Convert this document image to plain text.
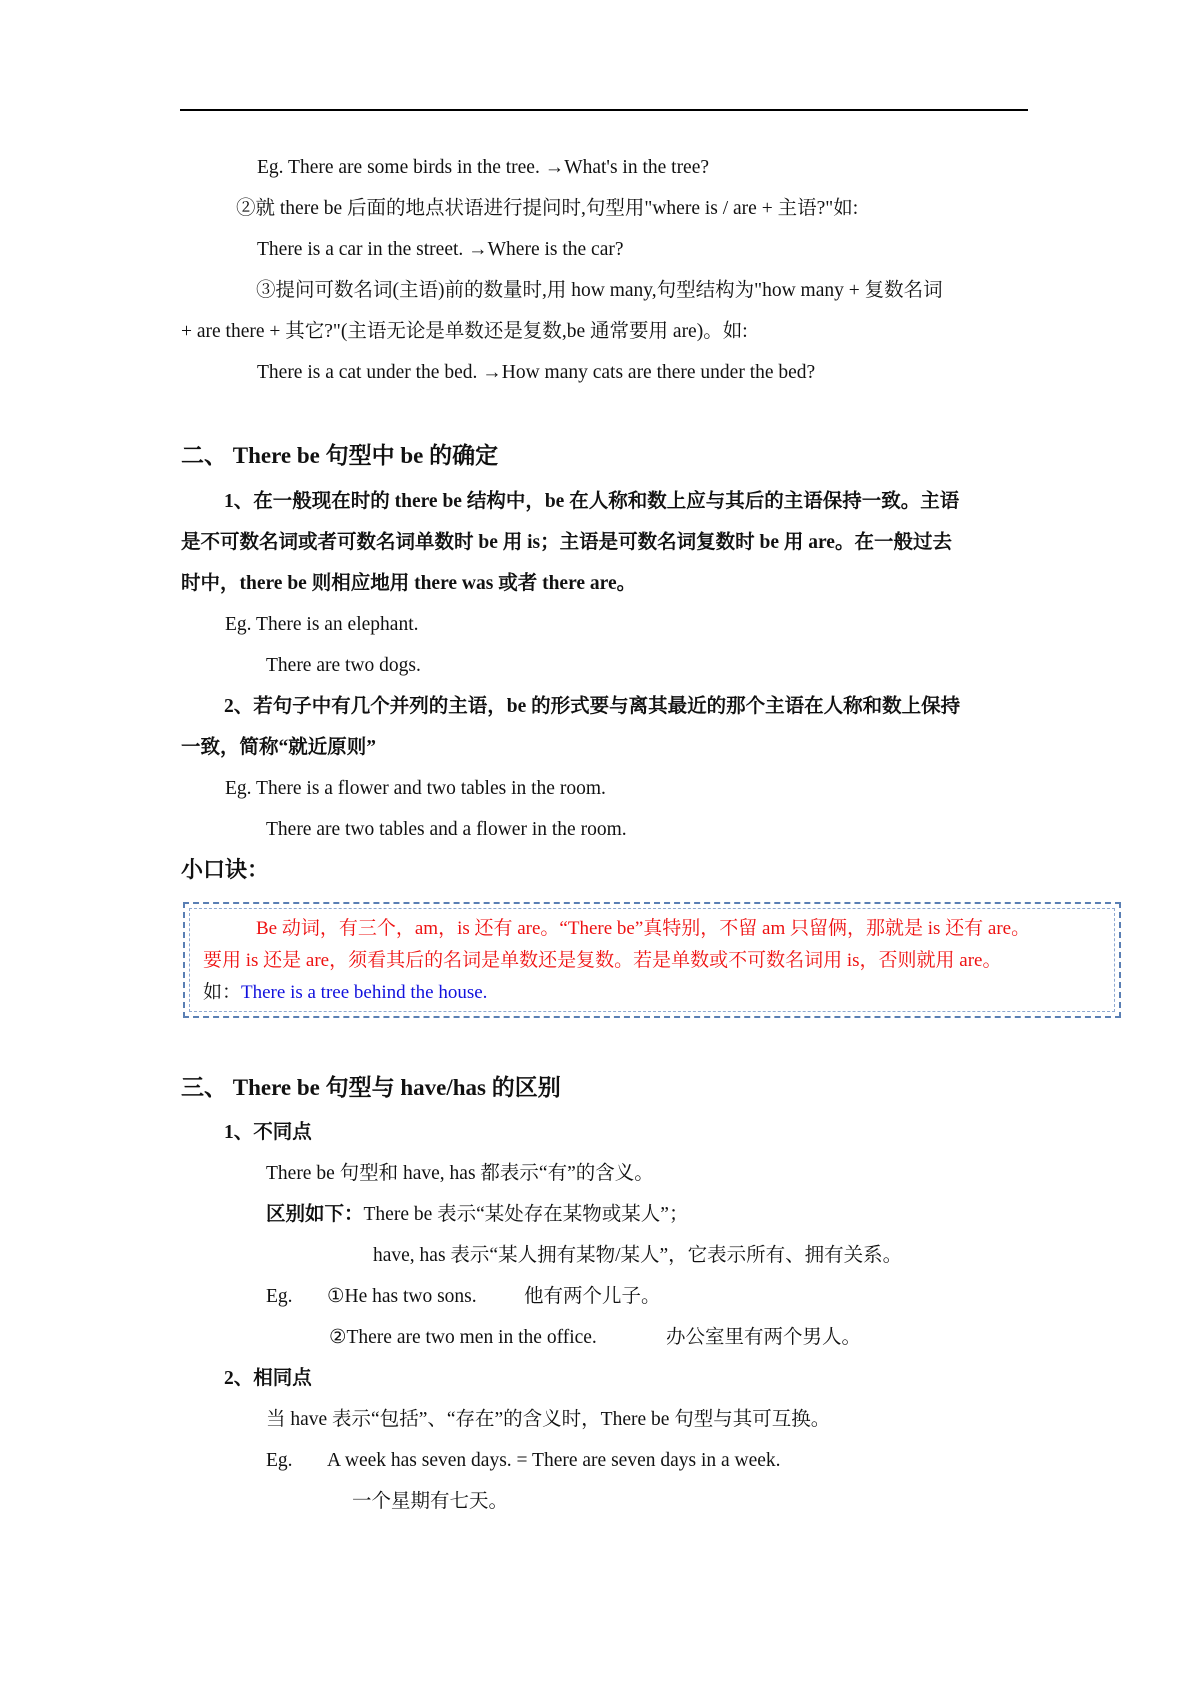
Eg. There are some birds in the tree. →What's in the tree?
②就 there be 后面的地点状语进行提问时,句型用"where is / are + 主语?"如:
There is a car in the street. →Where is the car?
③提问可数名词(主语)前的数量时,用 how many,句型结构为"how many + 复数名词
+ are there + 其它?"(主语无论是单数还是复数,be 通常要用 are)。如:
There is a cat under the bed. →How many cats are there under the bed?
二、 There be 句型中 be 的确定
1、在一般现在时的 there be 结构中，be 在人称和数上应与其后的主语保持一致。主语
是不可数名词或者可数名词单数时 be 用 is；主语是可数名词复数时 be 用 are。在一般过去
时中，there be 则相应地用 there was 或者 there are。
Eg. There is an elephant.
There are two dogs.
2、若句子中有几个并列的主语，be 的形式要与离其最近的那个主语在人称和数上保持
一致，简称“就近原则”
Eg. There is a flower and two tables in the room.
There are two tables and a flower in the room.
小口诀：
Be 动词，有三个，am，is 还有 are。“There be”真特别，不留 am 只留俩，那就是 is 还有 are。
要用 is 还是 are，须看其后的名词是单数还是复数。若是单数或不可数名词用 is，否则就用 are。
如：There is a tree behind the house.
三、 There be 句型与 have/has 的区别
1、不同点
There be 句型和 have, has 都表示“有”的含义。
区别如下：There be 表示“某处存在某物或某人”；
have, has 表示“某人拥有某物/某人”，它表示所有、拥有关系。
Eg. ①He has two sons. 他有两个儿子。
②There are two men in the office.	办公室里有两个男人。
2、相同点
当 have 表示“包括”、“存在”的含义时，There be 句型与其可互换。
Eg. A week has seven days. = There are seven days in a week.
一个星期有七天。
